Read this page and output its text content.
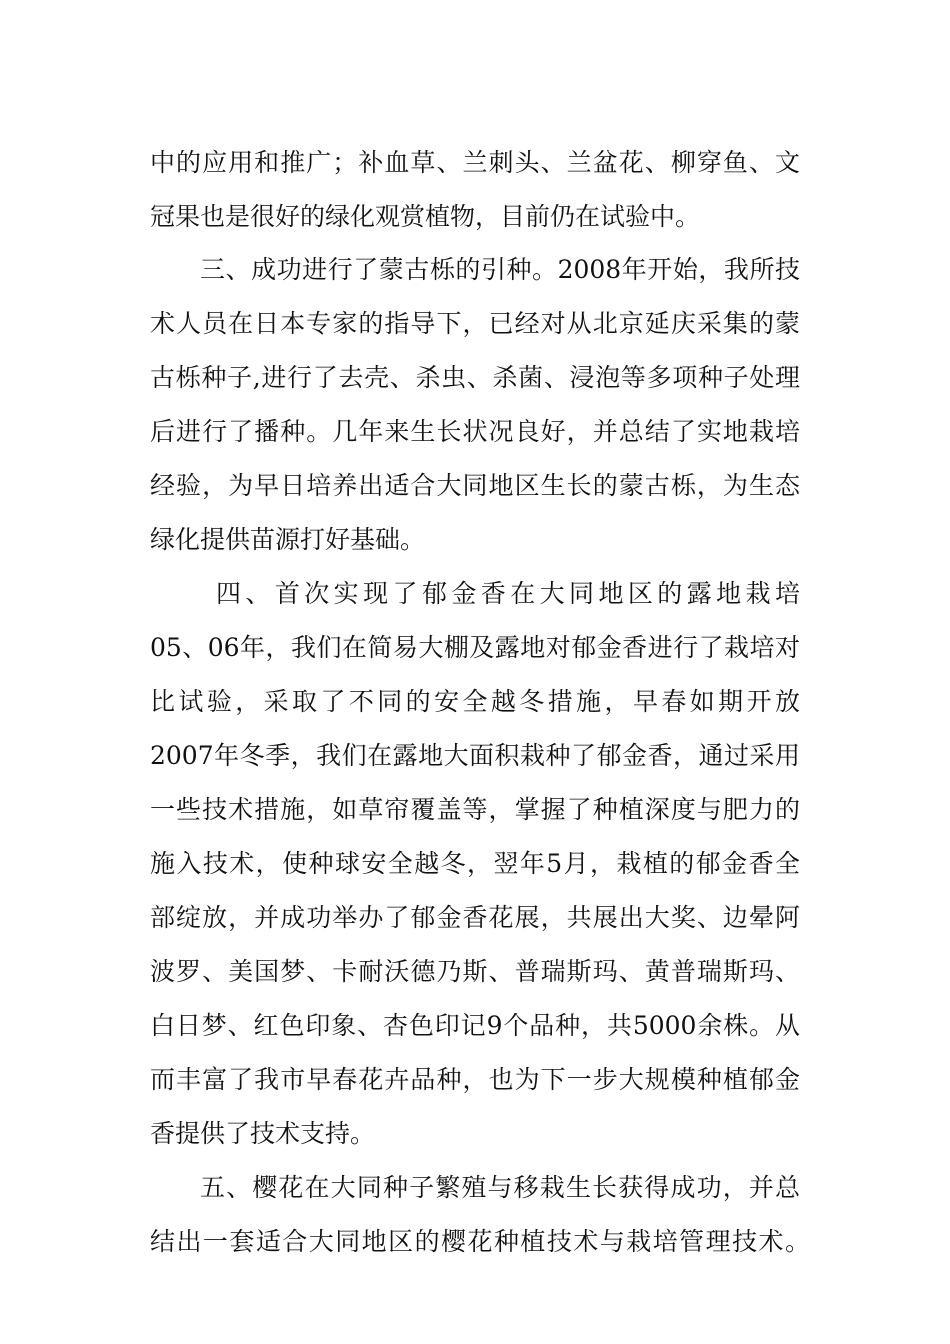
中的应用和推广；补血草、兰刺头、兰盆花、柳穿鱼、文
冠果也是很好的绿化观赏植物，目前仍在试验中。
三、成功进行了蒙古栎的引种。2008年开始，我所技
术人员在日本专家的指导下，已经对从北京延庆采集的蒙
古栎种子,进行了去壳、杀虫、杀菌、浸泡等多项种子处理
后进行了播种。几年来生长状况良好，并总结了实地栽培
经验，为早日培养出适合大同地区生长的蒙古栎，为生态
绿化提供苗源打好基础。
四、首次实现了郁金香在大同地区的露地栽培
05、06年，我们在简易大棚及露地对郁金香进行了栽培对
比试验，采取了不同的安全越冬措施，早春如期开放
2007年冬季，我们在露地大面积栽种了郁金香，通过采用
一些技术措施，如草帘覆盖等，掌握了种植深度与肥力的
施入技术，使种球安全越冬，翌年5月，栽植的郁金香全
部绽放，并成功举办了郁金香花展，共展出大奖、边晕阿
波罗、美国梦、卡耐沃德乃斯、普瑞斯玛、黄普瑞斯玛、
白日梦、红色印象、杏色印记9个品种，共5000余株。从
而丰富了我市早春花卉品种，也为下一步大规模种植郁金
香提供了技术支持。
五、樱花在大同种子繁殖与移栽生长获得成功，并总
结出一套适合大同地区的樱花种植技术与栽培管理技术。
